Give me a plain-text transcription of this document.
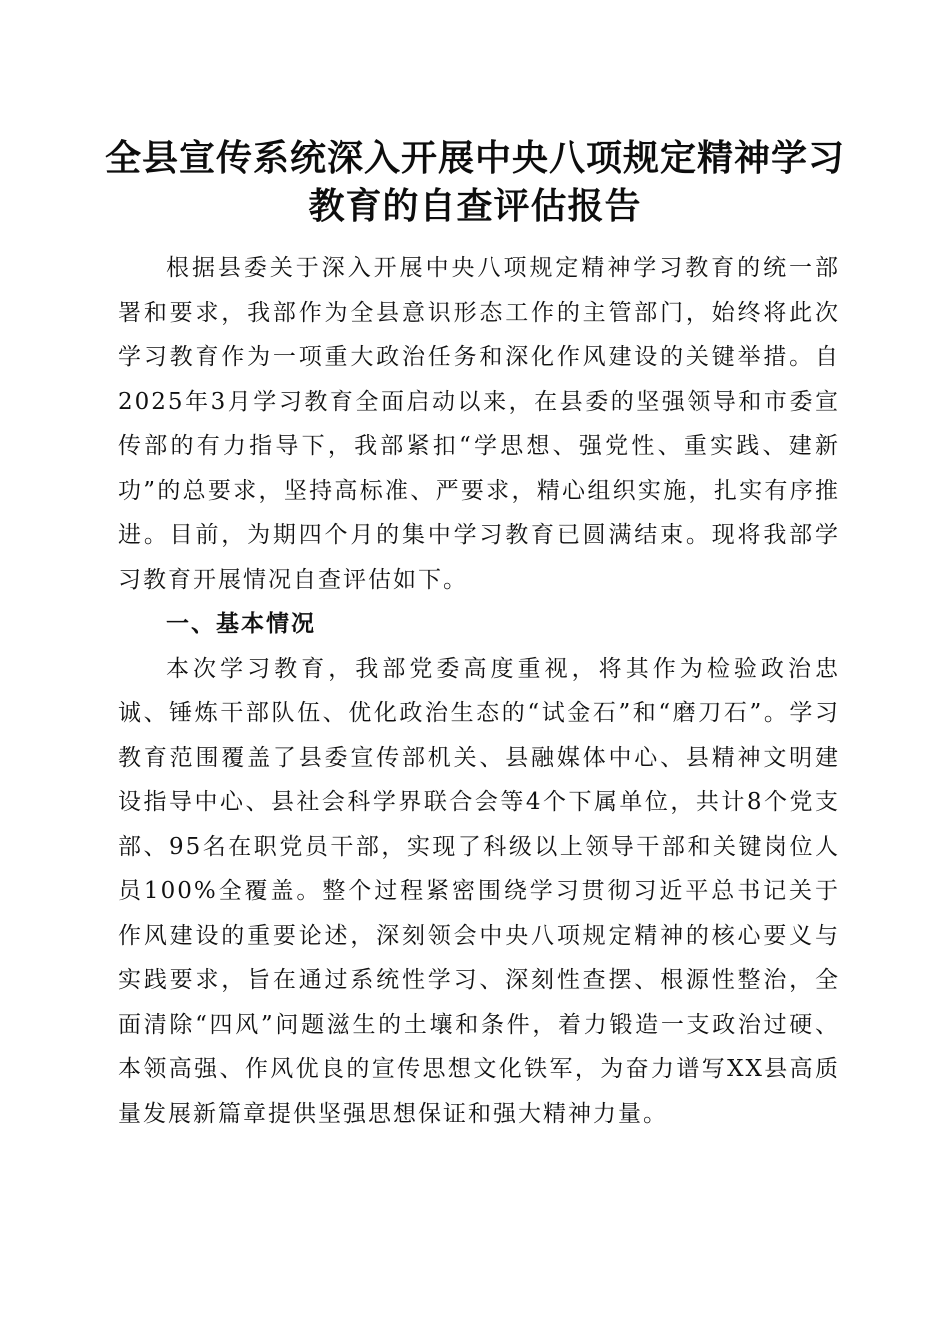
全县宣传系统深入开展中央八项规定精神学习
教育的自查评估报告

根据县委关于深入开展中央八项规定精神学习教育的统一部署和要求，我部作为全县意识形态工作的主管部门，始终将此次学习教育作为一项重大政治任务和深化作风建设的关键举措。自2025年3月学习教育全面启动以来，在县委的坚强领导和市委宣传部的有力指导下，我部紧扣“学思想、强党性、重实践、建新功”的总要求，坚持高标准、严要求，精心组织实施，扎实有序推进。目前，为期四个月的集中学习教育已圆满结束。现将我部学习教育开展情况自查评估如下。

一、基本情况

本次学习教育，我部党委高度重视，将其作为检验政治忠诚、锤炼干部队伍、优化政治生态的“试金石”和“磨刀石”。学习教育范围覆盖了县委宣传部机关、县融媒体中心、县精神文明建设指导中心、县社会科学界联合会等4个下属单位，共计8个党支部、95名在职党员干部，实现了科级以上领导干部和关键岗位人员100%全覆盖。整个过程紧密围绕学习贯彻习近平总书记关于作风建设的重要论述，深刻领会中央八项规定精神的核心要义与实践要求，旨在通过系统性学习、深刻性查摆、根源性整治，全面清除“四风”问题滋生的土壤和条件，着力锻造一支政治过硬、本领高强、作风优良的宣传思想文化铁军，为奋力谱写XX县高质量发展新篇章提供坚强思想保证和强大精神力量。
